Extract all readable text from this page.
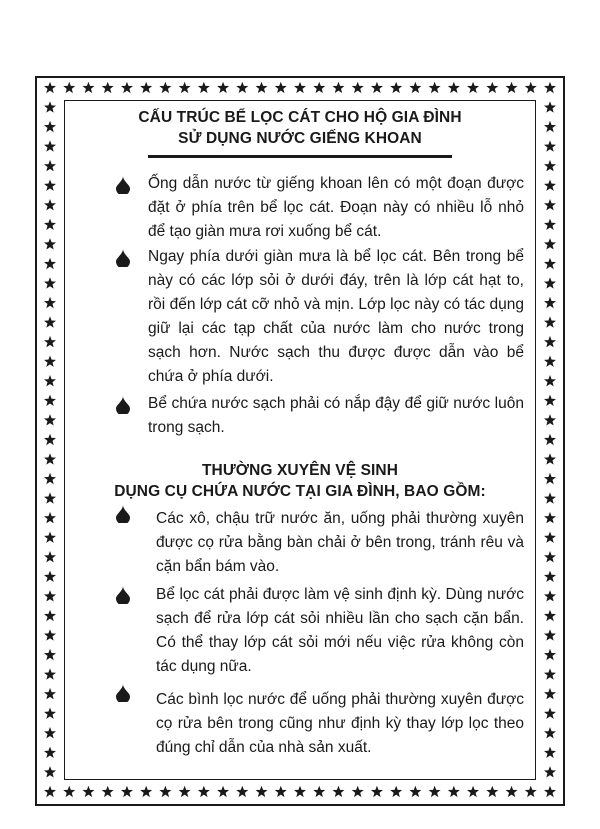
CẤU TRÚC BỂ LỌC CÁT CHO HỘ GIA ĐÌNH
SỬ DỤNG NƯỚC GIẾNG KHOAN

Ống dẫn nước từ giếng khoan lên có một đoạn được đặt ở phía trên bể lọc cát. Đoạn này có nhiều lỗ nhỏ để tạo giàn mưa rơi xuống bể cát.

Ngay phía dưới giàn mưa là bể lọc cát. Bên trong bể này có các lớp sỏi ở dưới đáy, trên là lớp cát hạt to, rồi đến lớp cát cỡ nhỏ và mịn. Lớp lọc này có tác dụng giữ lại các tạp chất của nước làm cho nước trong sạch hơn. Nước sạch thu được được dẫn vào bể chứa ở phía dưới.

Bể chứa nước sạch phải có nắp đậy để giữ nước luôn trong sạch.

THƯỜNG XUYÊN VỆ SINH
DỤNG CỤ CHỨA NƯỚC TẠI GIA ĐÌNH, BAO GỒM:

Các xô, chậu trữ nước ăn, uống phải thường xuyên được cọ rửa bằng bàn chải ở bên trong, tránh rêu và cặn bẩn bám vào.

Bể lọc cát phải được làm vệ sinh định kỳ. Dùng nước sạch để rửa lớp cát sỏi nhiều lần cho sạch cặn bẩn. Có thể thay lớp cát sỏi mới nếu việc rửa không còn tác dụng nữa.

Các bình lọc nước để uống phải thường xuyên được cọ rửa bên trong cũng như định kỳ thay lớp lọc theo đúng chỉ dẫn của nhà sản xuất.
